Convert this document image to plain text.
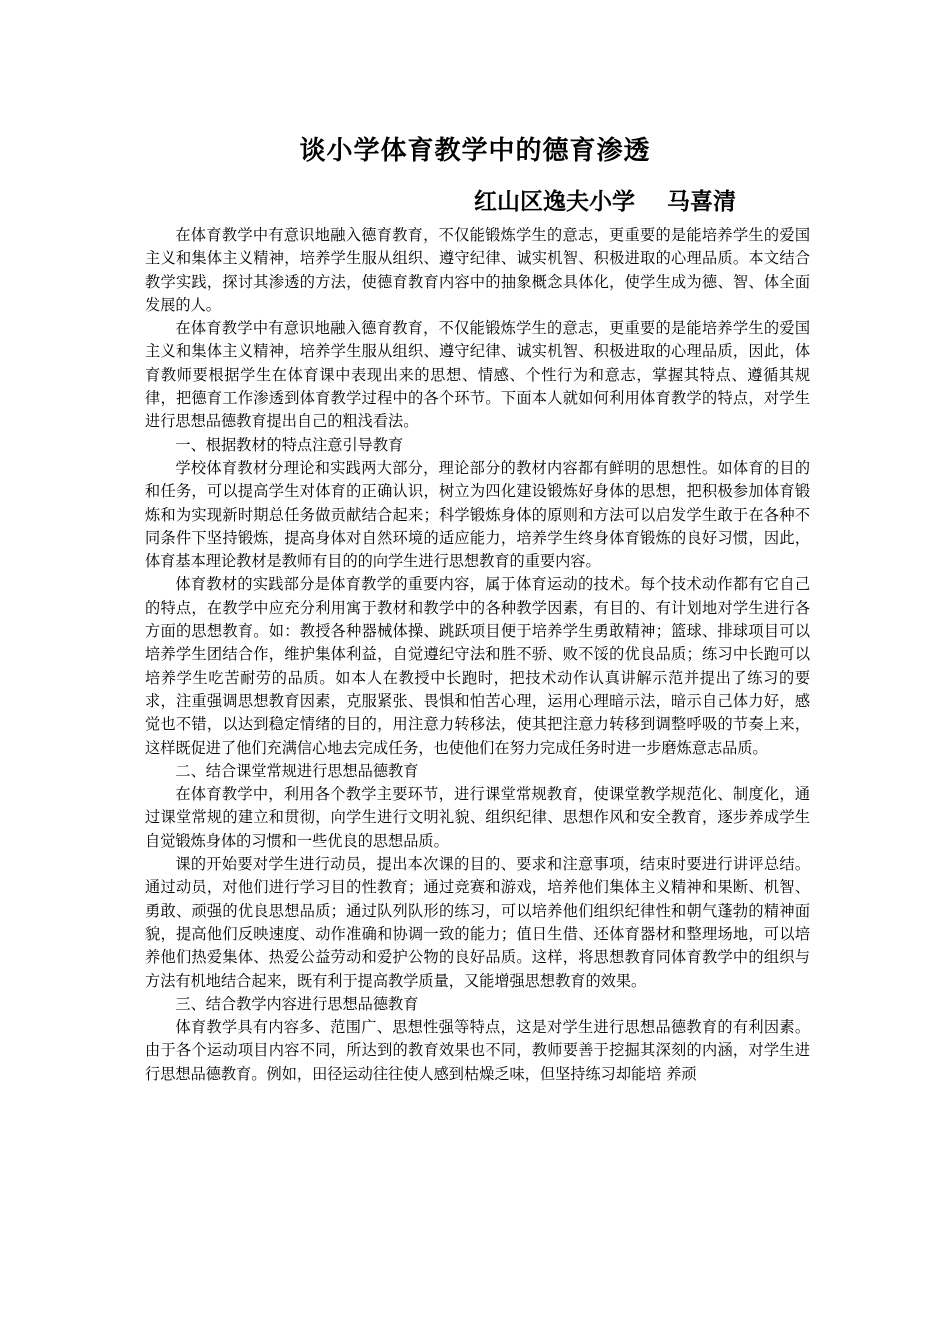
谈小学体育教学中的德育渗透
红山区逸夫小学    马喜清

在体育教学中有意识地融入德育教育，不仅能锻炼学生的意志，更重要的是能培养学生的爱国主义和集体主义精神，培养学生服从组织、遵守纪律、诚实机智、积极进取的心理品质。本文结合教学实践，探讨其渗透的方法，使德育教育内容中的抽象概念具体化，使学生成为德、智、体全面发展的人。

在体育教学中有意识地融入德育教育，不仅能锻炼学生的意志，更重要的是能培养学生的爱国主义和集体主义精神，培养学生服从组织、遵守纪律、诚实机智、积极进取的心理品质，因此，体育教师要根据学生在体育课中表现出来的思想、情感、个性行为和意志，掌握其特点、遵循其规律，把德育工作渗透到体育教学过程中的各个环节。下面本人就如何利用体育教学的特点，对学生进行思想品德教育提出自己的粗浅看法。

一、根据教材的特点注意引导教育

学校体育教材分理论和实践两大部分，理论部分的教材内容都有鲜明的思想性。如体育的目的和任务，可以提高学生对体育的正确认识，树立为四化建设锻炼好身体的思想，把积极参加体育锻炼和为实现新时期总任务做贡献结合起来；科学锻炼身体的原则和方法可以启发学生敢于在各种不同条件下坚持锻炼，提高身体对自然环境的适应能力，培养学生终身体育锻炼的良好习惯，因此，体育基本理论教材是教师有目的的向学生进行思想教育的重要内容。

体育教材的实践部分是体育教学的重要内容，属于体育运动的技术。每个技术动作都有它自己的特点，在教学中应充分利用寓于教材和教学中的各种教学因素，有目的、有计划地对学生进行各方面的思想教育。如：教授各种器械体操、跳跃项目便于培养学生勇敢精神；篮球、排球项目可以培养学生团结合作，维护集体利益，自觉遵纪守法和胜不骄、败不馁的优良品质；练习中长跑可以培养学生吃苦耐劳的品质。如本人在教授中长跑时，把技术动作认真讲解示范并提出了练习的要求，注重强调思想教育因素，克服紧张、畏惧和怕苦心理，运用心理暗示法，暗示自己体力好，感觉也不错，以达到稳定情绪的目的，用注意力转移法，使其把注意力转移到调整呼吸的节奏上来，这样既促进了他们充满信心地去完成任务，也使他们在努力完成任务时进一步磨炼意志品质。

二、结合课堂常规进行思想品德教育

在体育教学中，利用各个教学主要环节，进行课堂常规教育，使课堂教学规范化、制度化，通过课堂常规的建立和贯彻，向学生进行文明礼貌、组织纪律、思想作风和安全教育，逐步养成学生自觉锻炼身体的习惯和一些优良的思想品质。

课的开始要对学生进行动员，提出本次课的目的、要求和注意事项，结束时要进行讲评总结。通过动员，对他们进行学习目的性教育；通过竞赛和游戏，培养他们集体主义精神和果断、机智、勇敢、顽强的优良思想品质；通过队列队形的练习，可以培养他们组织纪律性和朝气蓬勃的精神面貌，提高他们反映速度、动作准确和协调一致的能力；值日生借、还体育器材和整理场地，可以培养他们热爱集体、热爱公益劳动和爱护公物的良好品质。这样，将思想教育同体育教学中的组织与方法有机地结合起来，既有利于提高教学质量，又能增强思想教育的效果。

三、结合教学内容进行思想品德教育

体育教学具有内容多、范围广、思想性强等特点，这是对学生进行思想品德教育的有利因素。由于各个运动项目内容不同，所达到的教育效果也不同，教师要善于挖掘其深刻的内涵，对学生进行思想品德教育。例如，田径运动往往使人感到枯燥乏味，但坚持练习却能培 养顽
